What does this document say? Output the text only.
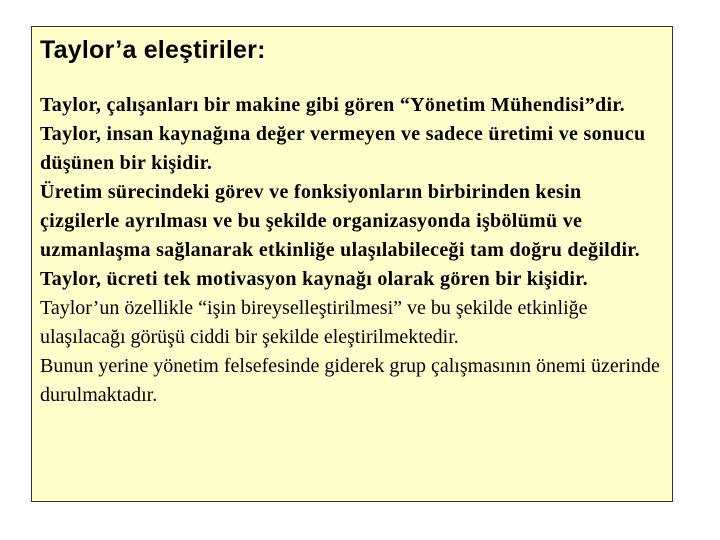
Taylor’a eleştiriler:

Taylor, çalışanları bir makine gibi gören “Yönetim Mühendisi”dir.

Taylor, insan kaynağına değer vermeyen ve sadece üretimi ve sonucu düşünen bir kişidir.

Üretim sürecindeki görev ve fonksiyonların birbirinden kesin çizgilerle ayrılması ve bu şekilde organizasyonda işbölümü ve uzmanlaşma sağlanarak etkinliğe ulaşılabileceği tam doğru değildir.

Taylor, ücreti tek motivasyon kaynağı olarak gören bir kişidir.

Taylor’un özellikle “işin bireyselleştirilmesi” ve bu şekilde etkinliğe ulaşılacağı görüşü ciddi bir şekilde eleştirilmektedir.

Bunun yerine yönetim felsefesinde giderek grup çalışmasının önemi üzerinde durulmaktadır.
